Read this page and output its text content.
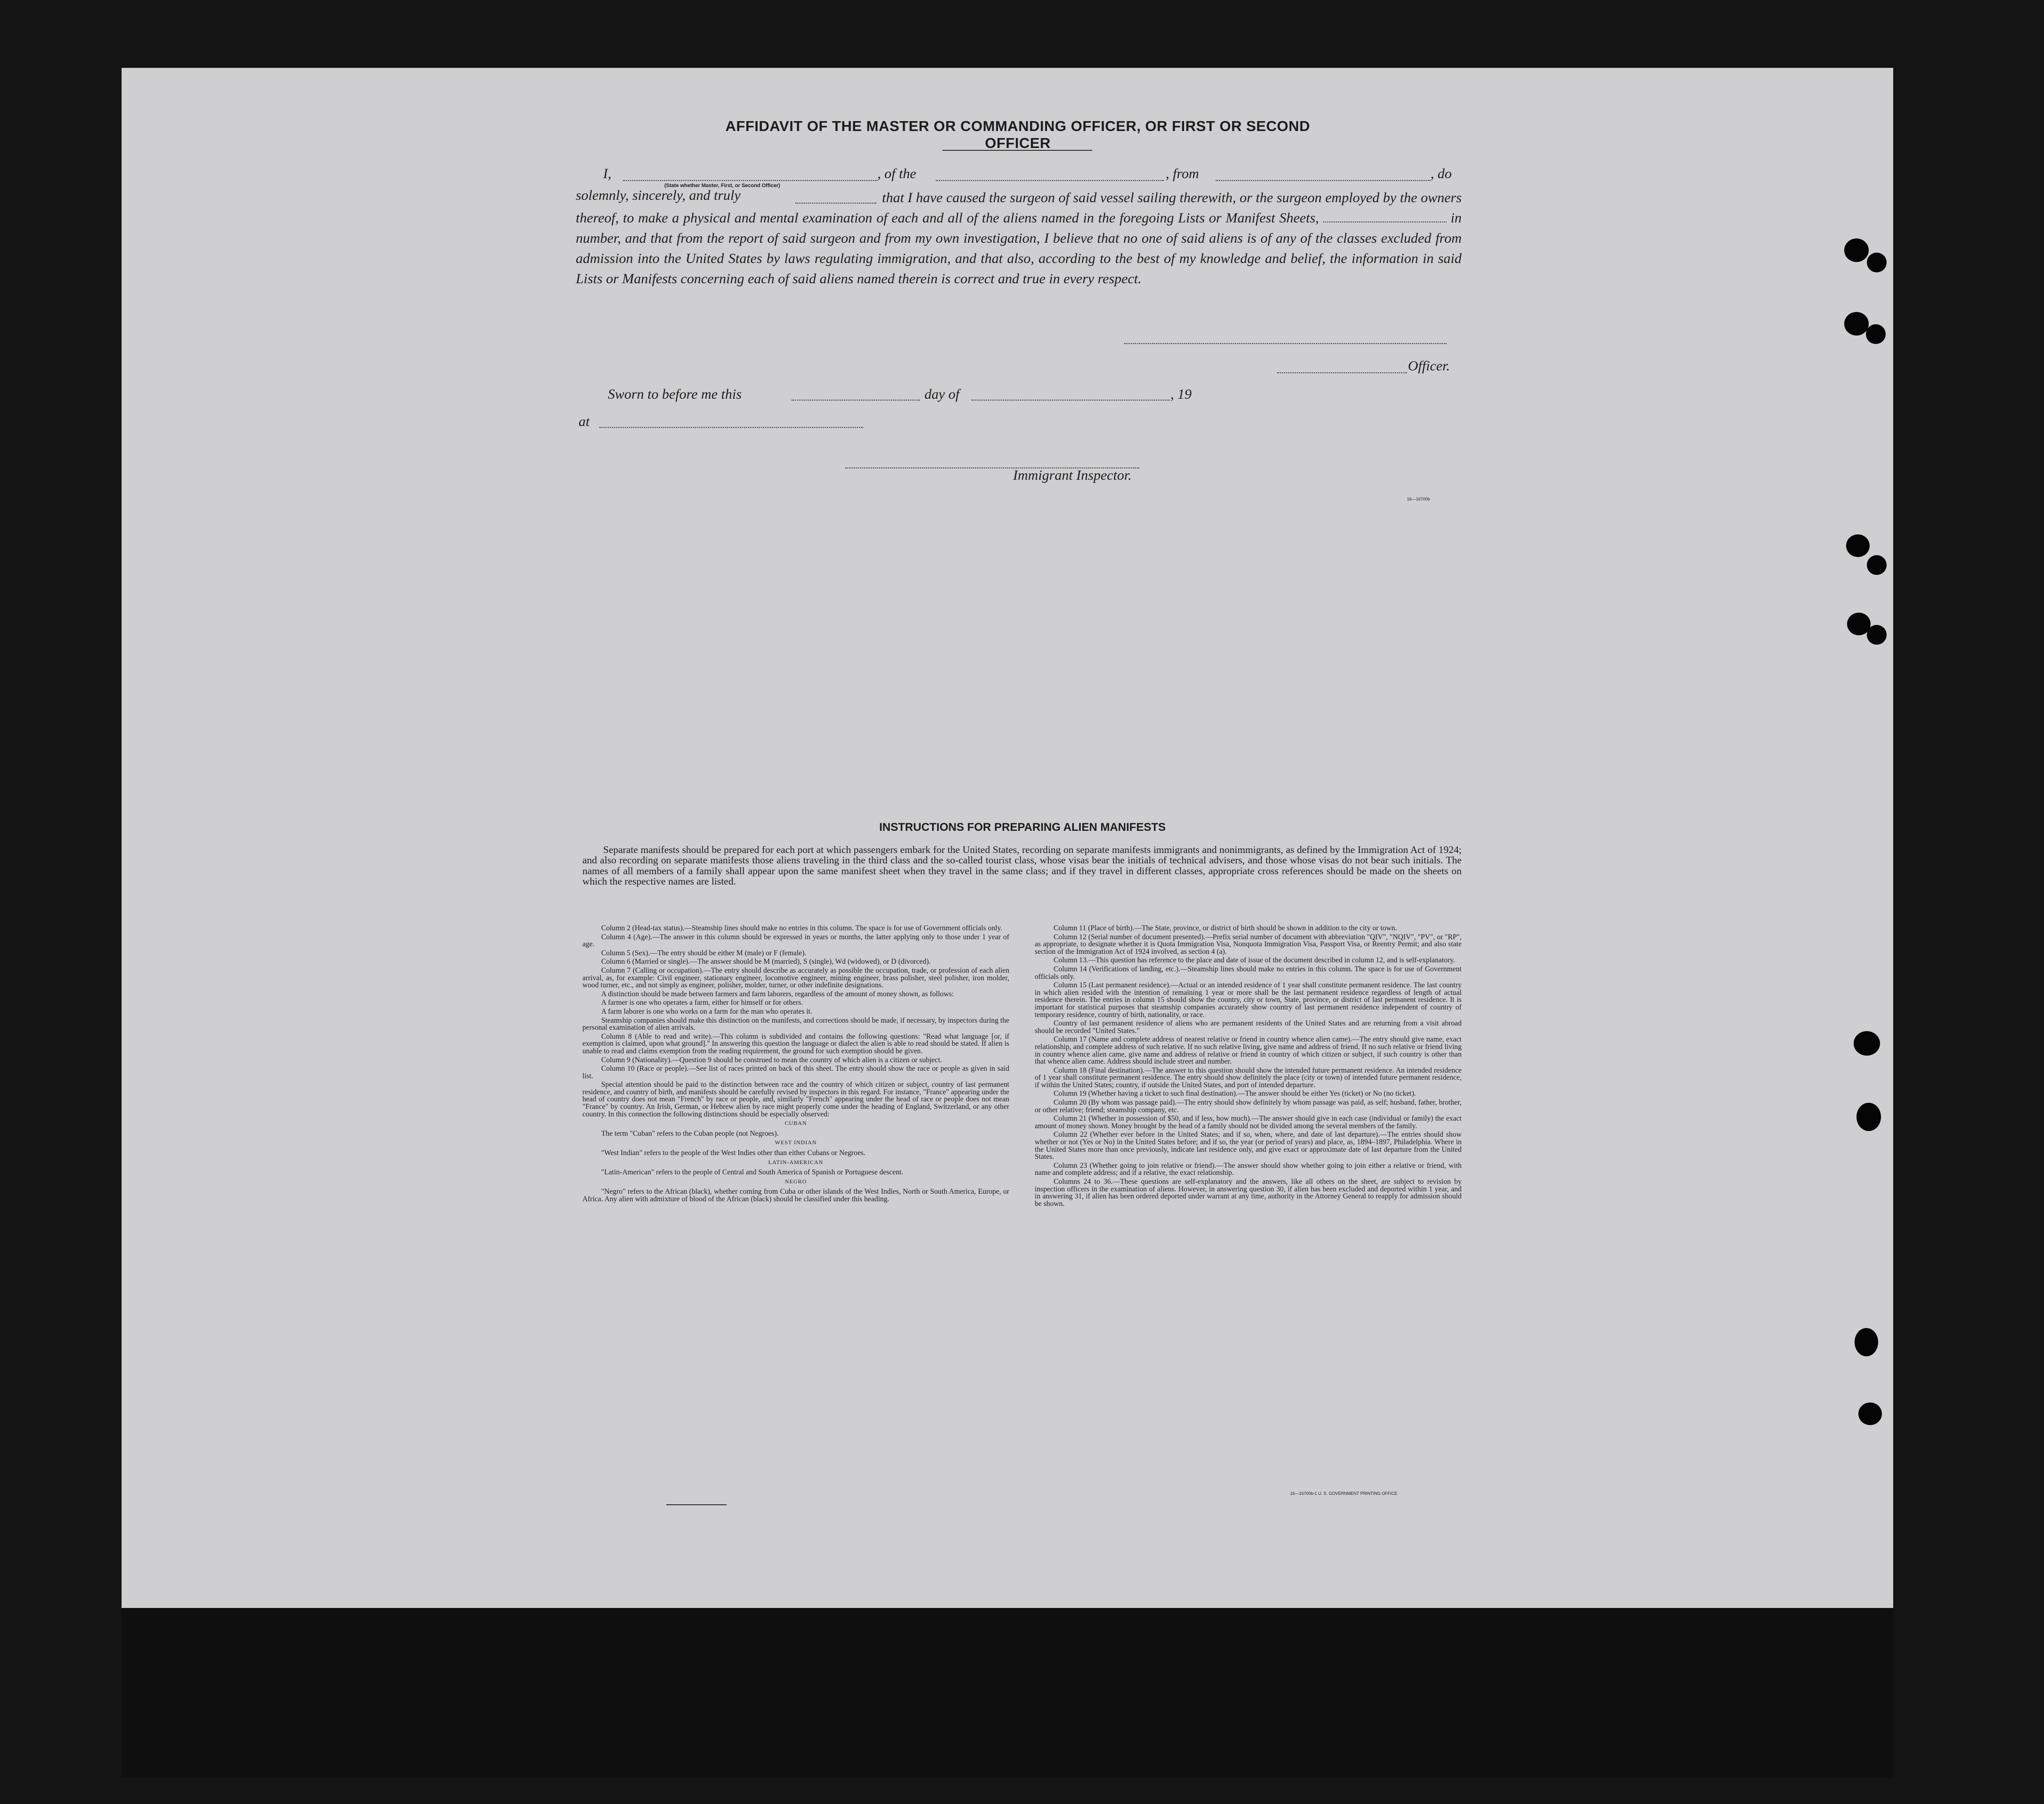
AFFIDAVIT OF THE MASTER OR COMMANDING OFFICER, OR FIRST OR SECOND OFFICER
I,	, of the	, from	, do
(State whether Master, First, or Second Officer)
solemnly, sincerely, and truly	that I have caused the surgeon of said vessel sailing therewith, or the surgeon employed by the owners thereof, to make a physical and mental examination of each and all of the aliens named in the foregoing Lists or Manifest Sheets,	in number, and that from the report of said surgeon and from my own investigation, I believe that no one of said aliens is of any of the classes excluded from admission into the United States by laws regulating immigration, and that also, according to the best of my knowledge and belief, the information in said Lists or Manifests concerning each of said aliens named therein is correct and true in every respect.
Officer.
Sworn to before me this	day of	, 19
at
Immigrant Inspector.
16—16700b
INSTRUCTIONS FOR PREPARING ALIEN MANIFESTS
Separate manifests should be prepared for each port at which passengers embark for the United States, recording on separate manifests immigrants and nonimmigrants, as defined by the Immigration Act of 1924; and also recording on separate manifests those aliens traveling in the third class and the so-called tourist class, whose visas bear the initials of technical advisers, and those whose visas do not bear such initials. The names of all members of a family shall appear upon the same manifest sheet when they travel in the same class; and if they travel in different classes, appropriate cross references should be made on the sheets on which the respective names are listed.

Column 2 (Head-tax status).—Steamship lines should make no entries in this column. The space is for use of Government officials only.

Column 4 (Age).—The answer in this column should be expressed in years or months, the latter applying only to those under 1 year of age.

Column 5 (Sex).—The entry should be either M (male) or F (female).

Column 6 (Married or single).—The answer should be M (married), S (single), Wd (widowed), or D (divorced).

Column 7 (Calling or occupation).—The entry should describe as accurately as possible the occupation, trade, or profession of each alien arrival, as, for example: Civil engineer, stationary engineer, locomotive engineer, mining engineer, brass polisher, steel polisher, iron molder, wood turner, etc., and not simply as engineer, polisher, molder, turner, or other indefinite designations.

A distinction should be made between farmers and farm laborers, regardless of the amount of money shown, as follows:

A farmer is one who operates a farm, either for himself or for others.

A farm laborer is one who works on a farm for the man who operates it.

Steamship companies should make this distinction on the manifests, and corrections should be made, if necessary, by inspectors during the personal examination of alien arrivals.

Column 8 (Able to read and write).—This column is subdivided and contains the following questions: "Read what language [or, if exemption is claimed, upon what ground]." In answering this question the language or dialect the alien is able to read should be stated. If alien is unable to read and claims exemption from the reading requirement, the ground for such exemption should be given.

Column 9 (Nationality).—Question 9 should be construed to mean the country of which alien is a citizen or subject.

Column 10 (Race or people).—See list of races printed on back of this sheet. The entry should show the race or people as given in said list.

Special attention should be paid to the distinction between race and the country of which citizen or subject, country of last permanent residence, and country of birth, and manifests should be carefully revised by inspectors in this regard. For instance, "France" appearing under the head of country does not mean "French" by race or people, and, similarly "French" appearing under the head of race or people does not mean "France" by country. An Irish, German, or Hebrew alien by race might properly come under the heading of England, Switzerland, or any other country. In this connection the following distinctions should be especially observed:

CUBAN

The term "Cuban" refers to the Cuban people (not Negroes).

WEST INDIAN

"West Indian" refers to the people of the West Indies other than either Cubans or Negroes.

LATIN-AMERICAN

"Latin-American" refers to the people of Central and South America of Spanish or Portuguese descent.

NEGRO

"Negro" refers to the African (black), whether coming from Cuba or other islands of the West Indies, North or South America, Europe, or Africa. Any alien with admixture of blood of the African (black) should be classified under this heading.

Column 11 (Place of birth).—The State, province, or district of birth should be shown in addition to the city or town.

Column 12 (Serial number of document presented).—Prefix serial number of document with abbreviation "QIV", "NQIV", "PV", or "RP", as appropriate, to designate whether it is Quota Immigration Visa, Nonquota Immigration Visa, Passport Visa, or Reentry Permit; and also state section of the Immigration Act of 1924 involved, as section 4 (a).

Column 13.—This question has reference to the place and date of issue of the document described in column 12, and is self-explanatory.

Column 14 (Verifications of landing, etc.).—Steamship lines should make no entries in this column. The space is for use of Government officials only.

Column 15 (Last permanent residence).—Actual or an intended residence of 1 year shall constitute permanent residence. The last country in which alien resided with the intention of remaining 1 year or more shall be the last permanent residence regardless of length of actual residence therein. The entries in column 15 should show the country, city or town, State, province, or district of last permanent residence. It is important for statistical purposes that steamship companies accurately show country of last permanent residence independent of country of temporary residence, country of birth, nationality, or race.

Country of last permanent residence of aliens who are permanent residents of the United States and are returning from a visit abroad should be recorded "United States."

Column 17 (Name and complete address of nearest relative or friend in country whence alien came).—The entry should give name, exact relationship, and complete address of such relative. If no such relative living, give name and address of friend. If no such relative or friend living in country whence alien came, give name and address of relative or friend in country of which citizen or subject, if such country is other than that whence alien came. Address should include street and number.

Column 18 (Final destination).—The answer to this question should show the intended future permanent residence. An intended residence of 1 year shall constitute permanent residence. The entry should show definitely the place (city or town) of intended future permanent residence, if within the United States; country, if outside the United States, and port of intended departure.

Column 19 (Whether having a ticket to such final destination).—The answer should be either Yes (ticket) or No (no ticket).

Column 20 (By whom was passage paid).—The entry should show definitely by whom passage was paid, as self; husband, father, brother, or other relative; friend; steamship company, etc.

Column 21 (Whether in possession of $50, and if less, how much).—The answer should give in each case (individual or family) the exact amount of money shown. Money brought by the head of a family should not be divided among the several members of the family.

Column 22 (Whether ever before in the United States; and if so, when, where, and date of last departure).—The entries should show whether or not (Yes or No) in the United States before; and if so, the year (or period of years) and place, as, 1894–1897, Philadelphia. Where in the United States more than once previously, indicate last residence only, and give exact or approximate date of last departure from the United States.

Column 23 (Whether going to join relative or friend).—The answer should show whether going to join either a relative or friend, with name and complete address; and if a relative, the exact relationship.

Columns 24 to 36.—These questions are self-explanatory and the answers, like all others on the sheet, are subject to revision by inspection officers in the examination of aliens. However, in answering question 30, if alien has been excluded and deported within 1 year, and in answering 31, if alien has been ordered deported under warrant at any time, authority in the Attorney General to reapply for admission should be shown.

16—16700b-1 U. S. GOVERNMENT PRINTING OFFICE
